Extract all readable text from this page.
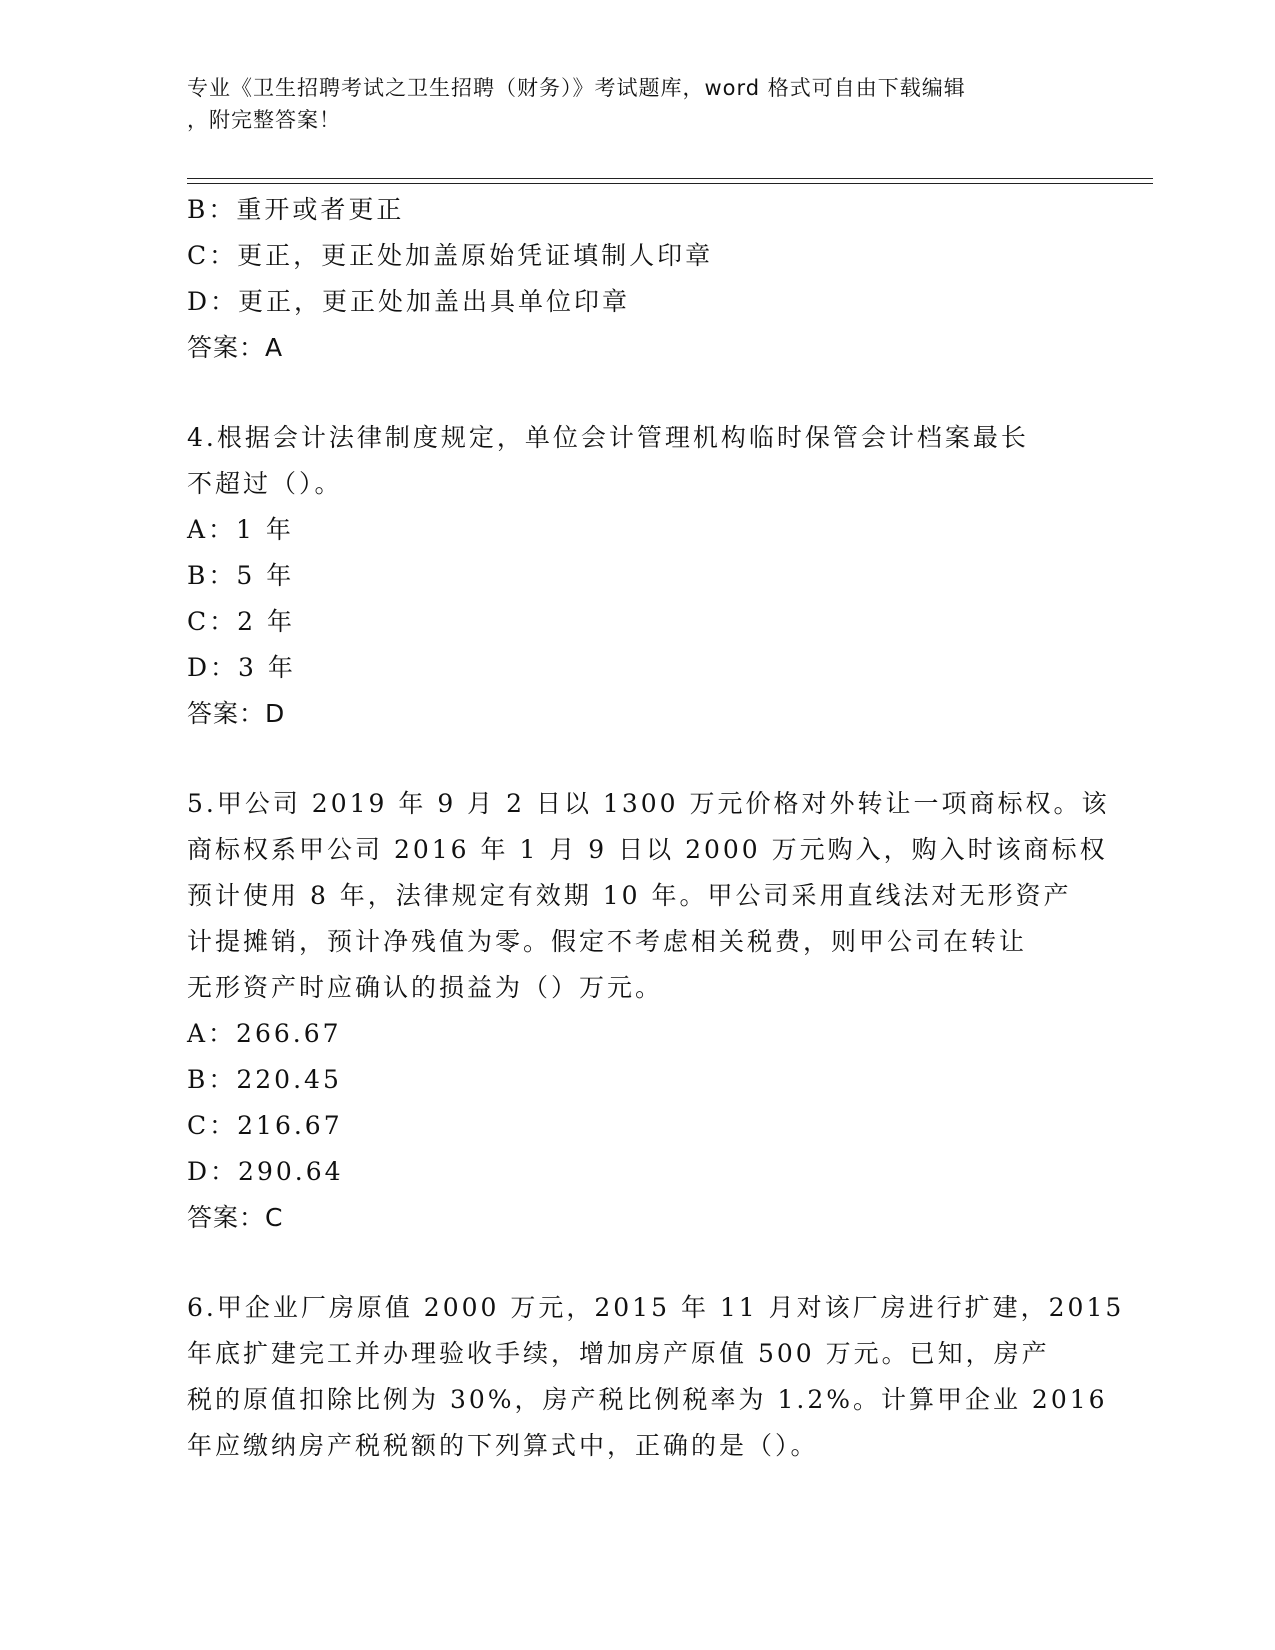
专业《卫生招聘考试之卫生招聘（财务）》考试题库，word 格式可自由下载编辑
，附完整答案！
B：重开或者更正
C：更正，更正处加盖原始凭证填制人印章
D：更正，更正处加盖出具单位印章
答案：A
4.根据会计法律制度规定，单位会计管理机构临时保管会计档案最长
不超过（）。
A：1 年
B：5 年
C：2 年
D：3 年
答案：D
5.甲公司 2019 年 9 月 2 日以 1300 万元价格对外转让一项商标权。该
商标权系甲公司 2016 年 1 月 9 日以 2000 万元购入，购入时该商标权
预计使用 8 年，法律规定有效期 10 年。甲公司采用直线法对无形资产
计提摊销，预计净残值为零。假定不考虑相关税费，则甲公司在转让
无形资产时应确认的损益为（）万元。
A：266.67
B：220.45
C：216.67
D：290.64
答案：C
6.甲企业厂房原值 2000 万元，2015 年 11 月对该厂房进行扩建，2015
年底扩建完工并办理验收手续，增加房产原值 500 万元。已知，房产
税的原值扣除比例为 30%，房产税比例税率为 1.2%。计算甲企业 2016
年应缴纳房产税税额的下列算式中，正确的是（）。
